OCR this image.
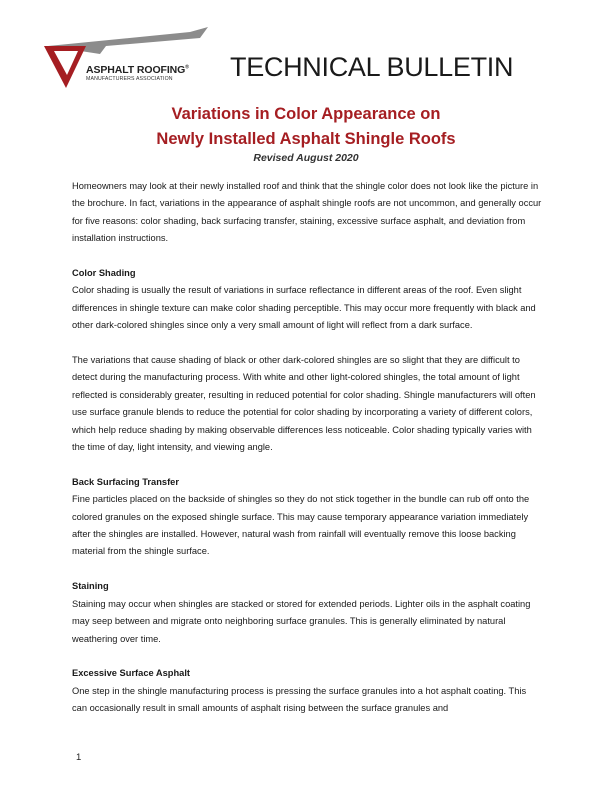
ASPHALT ROOFING®
MANUFACTURERS ASSOCIATION	TECHNICAL BULLETIN
Variations in Color Appearance on
Newly Installed Asphalt Shingle Roofs
Revised August 2020

Homeowners may look at their newly installed roof and think that the shingle color does not look like the picture in the brochure. In fact, variations in the appearance of asphalt shingle roofs are not uncommon, and generally occur for five reasons: color shading, back surfacing transfer, staining, excessive surface asphalt, and deviation from installation instructions.

Color Shading

Color shading is usually the result of variations in surface reflectance in different areas of the roof. Even slight differences in shingle texture can make color shading perceptible. This may occur more frequently with black and other dark-colored shingles since only a very small amount of light will reflect from a dark surface.

The variations that cause shading of black or other dark-colored shingles are so slight that they are difficult to detect during the manufacturing process. With white and other light-colored shingles, the total amount of light reflected is considerably greater, resulting in reduced potential for color shading. Shingle manufacturers will often use surface granule blends to reduce the potential for color shading by incorporating a variety of different colors, which help reduce shading by making observable differences less noticeable. Color shading typically varies with the time of day, light intensity, and viewing angle.

Back Surfacing Transfer

Fine particles placed on the backside of shingles so they do not stick together in the bundle can rub off onto the colored granules on the exposed shingle surface. This may cause temporary appearance variation immediately after the shingles are installed. However, natural wash from rainfall will eventually remove this loose backing material from the shingle surface.

Staining

Staining may occur when shingles are stacked or stored for extended periods. Lighter oils in the asphalt coating may seep between and migrate onto neighboring surface granules. This is generally eliminated by natural weathering over time.

Excessive Surface Asphalt

One step in the shingle manufacturing process is pressing the surface granules into a hot asphalt coating. This can occasionally result in small amounts of asphalt rising between the surface granules and

1
